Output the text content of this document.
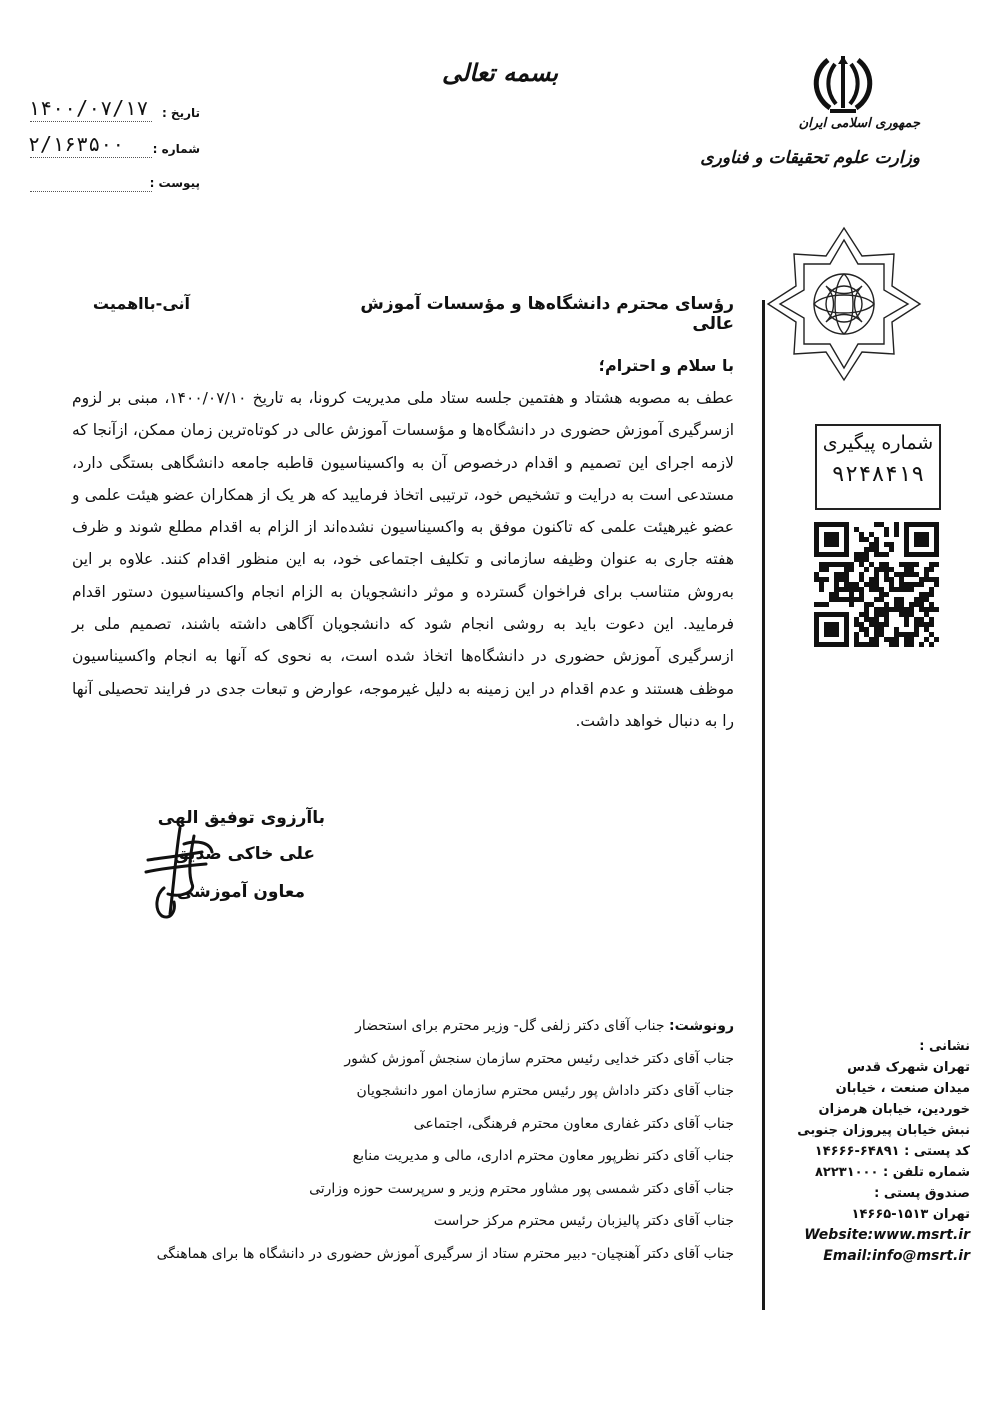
بسمه تعالی
جمهوری اسلامی ایران
وزارت علوم تحقیقات و فناوری
تاریخ :
۱۴۰۰/۰۷/۱۷
شماره :
۲/۱۶۳۵۰۰
پیوست :
شماره پیگیری
۹۲۴۸۴۱۹
رؤسای محترم دانشگاه‌ها و مؤسسات آموزش عالی
آنی-بااهمیت
با سلام و احترام؛
عطف به مصوبه هشتاد و هفتمین جلسه ستاد ملی مدیریت کرونا، به تاریخ ۱۴۰۰/۰۷/۱۰، مبنی بر لزوم ازسرگیری آموزش حضوری در دانشگاه‌ها و مؤسسات آموزش عالی در کوتاه‌ترین زمان ممکن، ازآنجا که لازمه اجرای این تصمیم و اقدام درخصوص آن به واکسیناسیون قاطبه جامعه دانشگاهی بستگی دارد، مستدعی است به درایت و تشخیص خود، ترتیبی اتخاذ فرمایید که هر یک از همکاران عضو هیئت علمی و عضو غیرهیئت علمی که تاکنون موفق به واکسیناسیون نشده‌اند از الزام به اقدام مطلع شوند و ظرف هفته جاری به عنوان وظیفه سازمانی و تکلیف اجتماعی خود، به این منظور اقدام کنند. علاوه بر این به‌روش متناسب برای فراخوان گسترده و موثر دانشجویان به الزام انجام واکسیناسیون دستور اقدام فرمایید. این دعوت باید به روشی انجام شود که دانشجویان آگاهی داشته باشند، تصمیم ملی بر ازسرگیری آموزش حضوری در دانشگاه‌ها اتخاذ شده است، به نحوی که آنها به انجام واکسیناسیون موظف هستند و عدم اقدام در این زمینه به دلیل غیرموجه، عوارض و تبعات جدی در فرایند تحصیلی آنها را به دنبال خواهد داشت.
باآرزوی توفیق الهی
علی خاکی صدیق
معاون آموزشی
رونوشت: جناب آقای دکتر زلفی گل- وزیر محترم برای استحضار
جناب آقای دکتر خدایی رئیس محترم سازمان سنجش آموزش کشور
جناب آقای دکتر داداش پور رئیس محترم سازمان امور دانشجویان
جناب آقای دکتر غفاری معاون محترم فرهنگی، اجتماعی
جناب آقای دکتر نظرپور معاون محترم اداری، مالی و مدیریت منابع
جناب آقای دکتر شمسی پور مشاور محترم وزیر و سرپرست حوزه وزارتی
جناب آقای دکتر پالیزبان رئیس محترم مرکز حراست
جناب آقای دکتر آهنچیان- دبیر محترم ستاد از سرگیری آموزش حضوری در دانشگاه ها برای هماهنگی
نشانی :
تهران شهرک قدس
میدان صنعت ، خیابان
خوردین، خیابان هرمزان
نبش خیابان پیروزان جنوبی
کد پستی : ۶۴۸۹۱-۱۴۶۶۶
شماره تلفن : ۸۲۲۳۱۰۰۰
صندوق پستی :
تهران ۱۵۱۳-۱۴۶۶۵
Website:www.msrt.ir
Email:info@msrt.ir
